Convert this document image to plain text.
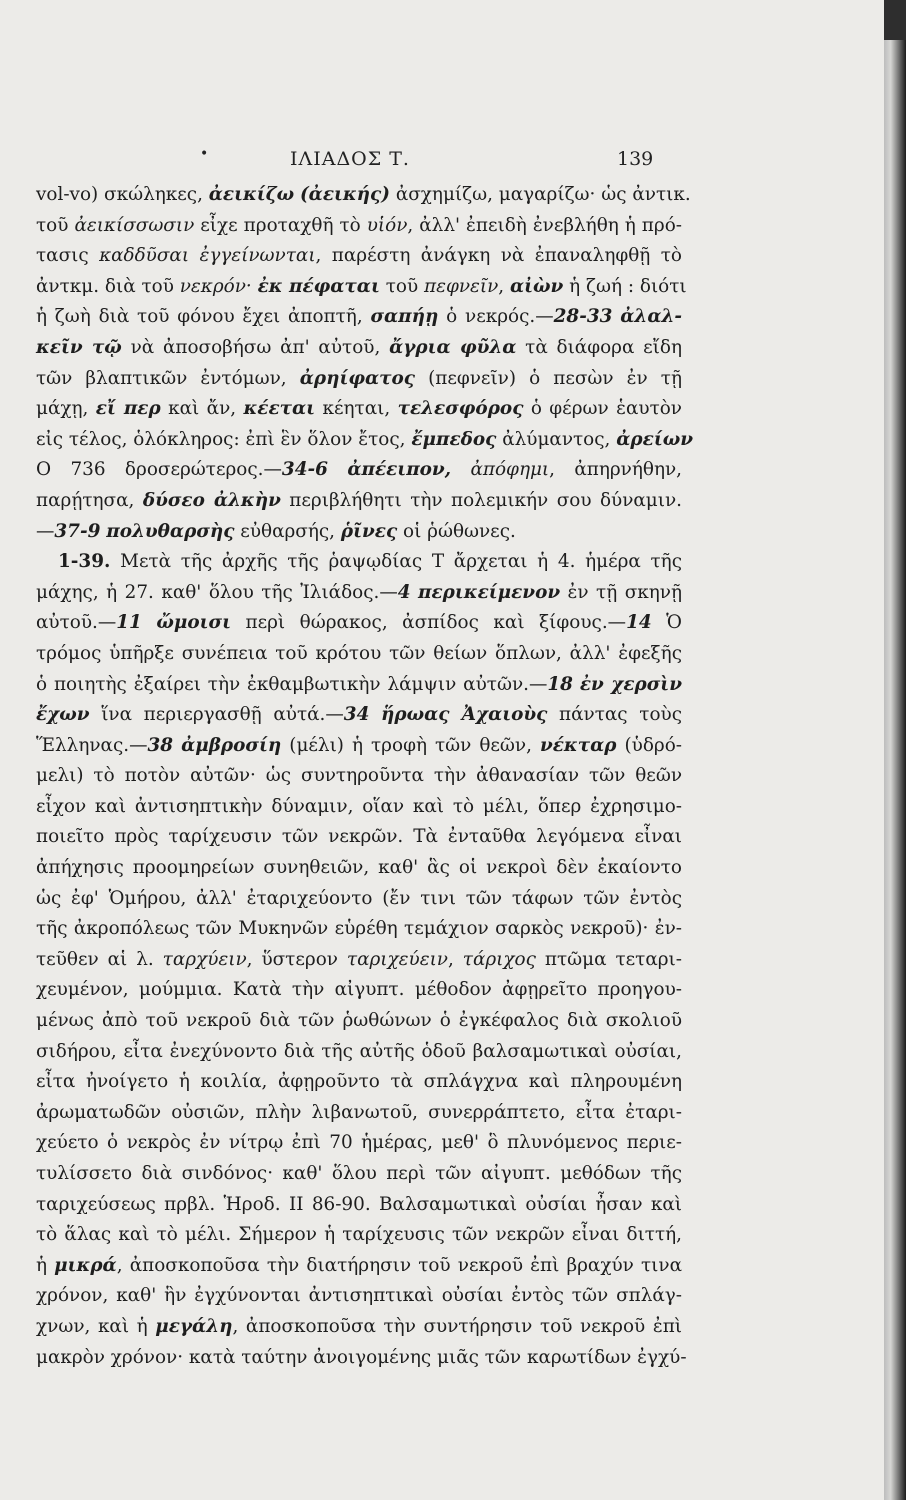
•	ΙΛΙΑΔΟΣ Τ.	139
vol-vo) σκώληκες, ἀεικίζω (ἀεικής) ἀσχημίζω, μαγαρίζω· ὡς ἀντικ.
τοῦ ἀεικίσσωσιν εἶχε προταχθῆ τὸ υἱόν, ἀλλ' ἐπειδὴ ἐνεβλήθη ἡ πρό-
τασις καδδῦσαι ἐγγείνωνται, παρέστη ἀνάγκη νὰ ἐπαναληφθῇ τὸ
ἀντκμ. διὰ τοῦ νεκρόν· ἐκ πέφαται τοῦ πεφνεῖν, αἰὼν ἡ ζωή : διότι
ἡ ζωὴ διὰ τοῦ φόνου ἔχει ἀποπτῆ, σαπήῃ ὁ νεκρός.—28-33 ἀλαλ-
κεῖν τῷ νὰ ἀποσοβήσω ἀπ' αὐτοῦ, ἄγρια φῦλα τὰ διάφορα εἴδη
τῶν βλαπτικῶν ἐντόμων, ἀρηίφατος (πεφνεῖν) ὁ πεσὼν ἐν τῇ
μάχῃ, εἴ περ καὶ ἄν, κέεται κέηται, τελεσφόρος ὁ φέρων ἑαυτὸν
εἰς τέλος, ὁλόκληρος: ἐπὶ ἓν ὅλον ἔτος, ἔμπεδος ἀλύμαντος, ἀρείων
Ο 736 δροσερώτερος.—34-6 ἀπέειπον, ἀπόφημι, ἀπηρνήθην,
παρῄτησα, δύσεο ἀλκὴν περιβλήθητι τὴν πολεμικήν σου δύναμιν.
—37-9 πολυθαρσὴς εὐθαρσής, ῥῖνες οἱ ῥώθωνες.
1-39. Μετὰ τῆς ἀρχῆς τῆς ῥαψῳδίας Τ ἄρχεται ἡ 4. ἡμέρα τῆς
μάχης, ἡ 27. καθ' ὅλου τῆς Ἰλιάδος.—4 περικείμενον ἐν τῇ σκηνῇ
αὐτοῦ.—11 ὤμοισι περὶ θώρακος, ἀσπίδος καὶ ξίφους.—14 Ὁ
τρόμος ὑπῆρξε συνέπεια τοῦ κρότου τῶν θείων ὅπλων, ἀλλ' ἐφεξῆς
ὁ ποιητὴς ἐξαίρει τὴν ἐκθαμβωτικὴν λάμψιν αὐτῶν.—18 ἐν χερσὶν
ἔχων ἵνα περιεργασθῇ αὐτά.—34 ἥρωας Ἀχαιοὺς πάντας τοὺς
Ἕλληνας.—38 ἀμβροσίη (μέλι) ἡ τροφὴ τῶν θεῶν, νέκταρ (ὑδρό-
μελι) τὸ ποτὸν αὐτῶν· ὡς συντηροῦντα τὴν ἀθανασίαν τῶν θεῶν
εἶχον καὶ ἀντισηπτικὴν δύναμιν, οἵαν καὶ τὸ μέλι, ὅπερ ἐχρησιμο-
ποιεῖτο πρὸς ταρίχευσιν τῶν νεκρῶν. Τὰ ἐνταῦθα λεγόμενα εἶναι
ἀπήχησις προομηρείων συνηθειῶν, καθ' ἃς οἱ νεκροὶ δὲν ἐκαίοντο
ὡς ἐφ' Ὁμήρου, ἀλλ' ἐταριχεύοντο (ἔν τινι τῶν τάφων τῶν ἐντὸς
τῆς ἀκροπόλεως τῶν Μυκηνῶν εὑρέθη τεμάχιον σαρκὸς νεκροῦ)· ἐν-
τεῦθεν αἱ λ. ταρχύειν, ὕστερον ταριχεύειν, τάριχος πτῶμα τεταρι-
χευμένον, μούμμια. Κατὰ τὴν αἰγυπτ. μέθοδον ἀφῃρεῖτο προηγου-
μένως ἀπὸ τοῦ νεκροῦ διὰ τῶν ῥωθώνων ὁ ἐγκέφαλος διὰ σκολιοῦ
σιδήρου, εἶτα ἐνεχύνοντο διὰ τῆς αὐτῆς ὁδοῦ βαλσαμωτικαὶ οὐσίαι,
εἶτα ἠνοίγετο ἡ κοιλία, ἀφῃροῦντο τὰ σπλάγχνα καὶ πληρουμένη
ἀρωματωδῶν οὐσιῶν, πλὴν λιβανωτοῦ, συνερράπτετο, εἶτα ἐταρι-
χεύετο ὁ νεκρὸς ἐν νίτρῳ ἐπὶ 70 ἡμέρας, μεθ' ὃ πλυνόμενος περιε-
τυλίσσετο διὰ σινδόνος· καθ' ὅλου περὶ τῶν αἰγυπτ. μεθόδων τῆς
ταριχεύσεως πρβλ. Ἡροδ. II 86-90. Βαλσαμωτικαὶ οὐσίαι ἦσαν καὶ
τὸ ἅλας καὶ τὸ μέλι. Σήμερον ἡ ταρίχευσις τῶν νεκρῶν εἶναι διττή,
ἡ μικρά, ἀποσκοποῦσα τὴν διατήρησιν τοῦ νεκροῦ ἐπὶ βραχύν τινα
χρόνον, καθ' ἣν ἐγχύνονται ἀντισηπτικαὶ οὐσίαι ἐντὸς τῶν σπλάγ-
χνων, καὶ ἡ μεγάλη, ἀποσκοποῦσα τὴν συντήρησιν τοῦ νεκροῦ ἐπὶ
μακρὸν χρόνον· κατὰ ταύτην ἀνοιγομένης μιᾶς τῶν καρωτίδων ἐγχύ-
